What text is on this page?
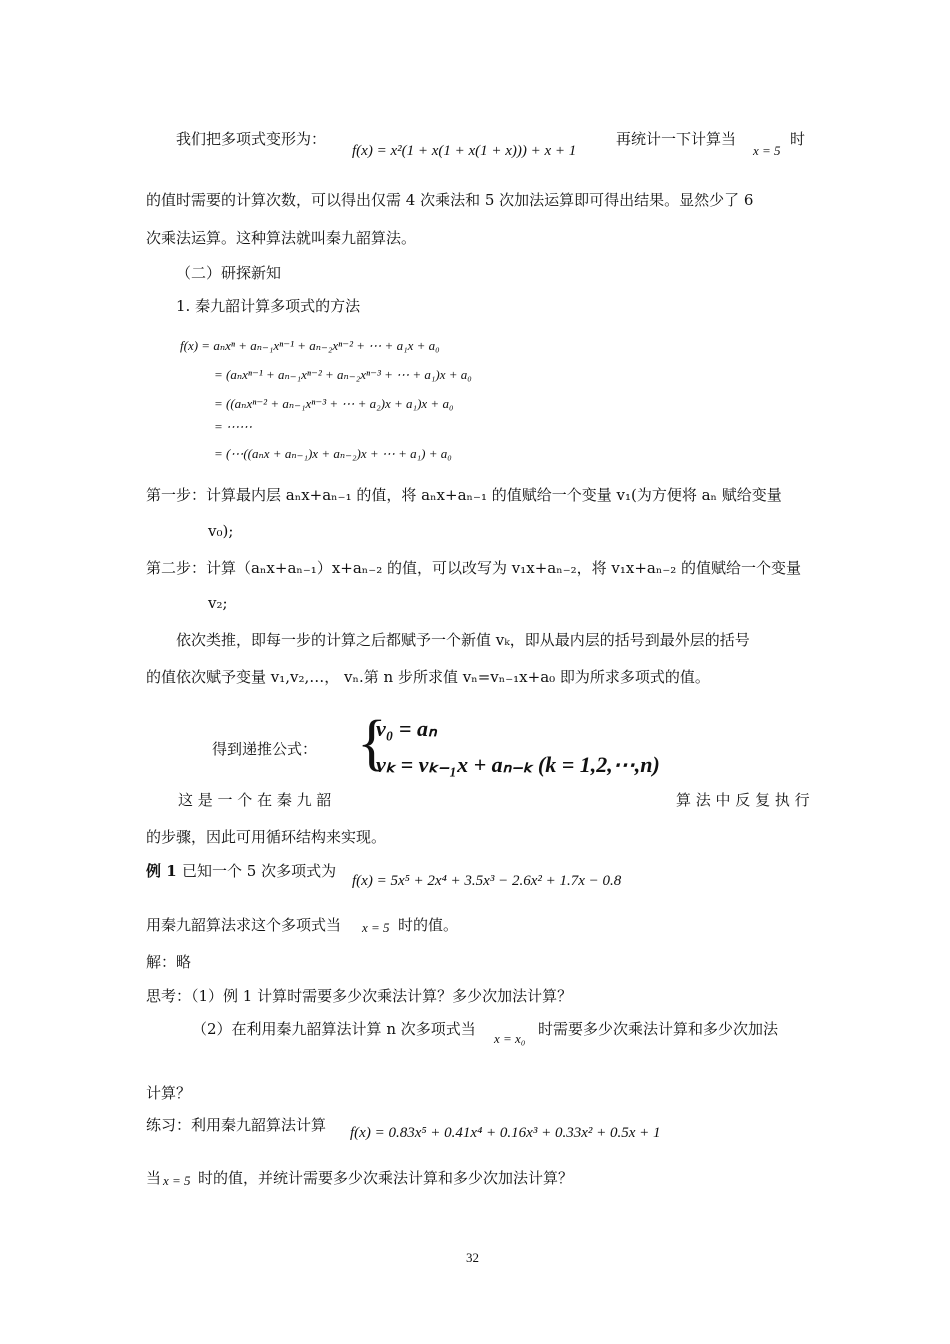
我们把多项式变形为：
f(x) = x²(1 + x(1 + x(1 + x))) + x + 1
再统计一下计算当
x = 5
时
的值时需要的计算次数，可以得出仅需 4 次乘法和 5 次加法运算即可得出结果。显然少了 6
次乘法运算。这种算法就叫秦九韶算法。
（二）研探新知
1. 秦九韶计算多项式的方法
f(x) = aₙxⁿ + aₙ₋₁xⁿ⁻¹ + aₙ₋₂xⁿ⁻² + ⋯ + a₁x + a₀
= (aₙxⁿ⁻¹ + aₙ₋₁xⁿ⁻² + aₙ₋₂xⁿ⁻³ + ⋯ + a₁)x + a₀
= ((aₙxⁿ⁻² + aₙ₋₁xⁿ⁻³ + ⋯ + a₂)x + a₁)x + a₀
= ⋯⋯
= (⋯((aₙx + aₙ₋₁)x + aₙ₋₂)x + ⋯ + a₁) + a₀
第一步：计算最内层 aₙx+aₙ₋₁ 的值，将 aₙx+aₙ₋₁ 的值赋给一个变量 v₁(为方便将 aₙ 赋给变量
v₀);
第二步：计算（aₙx+aₙ₋₁）x+aₙ₋₂ 的值，可以改写为 v₁x+aₙ₋₂，将 v₁x+aₙ₋₂ 的值赋给一个变量
v₂;
依次类推，即每一步的计算之后都赋予一个新值 vₖ，即从最内层的括号到最外层的括号
的值依次赋予变量 v₁,v₂,…， vₙ.第 n 步所求值 vₙ=vₙ₋₁x+a₀ 即为所求多项式的值。
得到递推公式： {
v₀ = aₙ
vₖ = vₖ₋₁x + aₙ₋ₖ (k = 1,2,⋯,n)
这 是 一 个 在 秦 九 韶	算 法 中 反 复 执 行
的步骤，因此可用循环结构来实现。
例 1 已知一个 5 次多项式为
f(x) = 5x⁵ + 2x⁴ + 3.5x³ − 2.6x² + 1.7x − 0.8
用秦九韶算法求这个多项式当 x = 5 时的值。
解：略
思考：（1）例 1 计算时需要多少次乘法计算？多少次加法计算？
（2）在利用秦九韶算法计算 n 次多项式当
x = x₀
时需要多少次乘法计算和多少次加法
计算？
练习：利用秦九韶算法计算 f(x) = 0.83x⁵ + 0.41x⁴ + 0.16x³ + 0.33x² + 0.5x + 1
当 x = 5 时的值，并统计需要多少次乘法计算和多少次加法计算？
32
